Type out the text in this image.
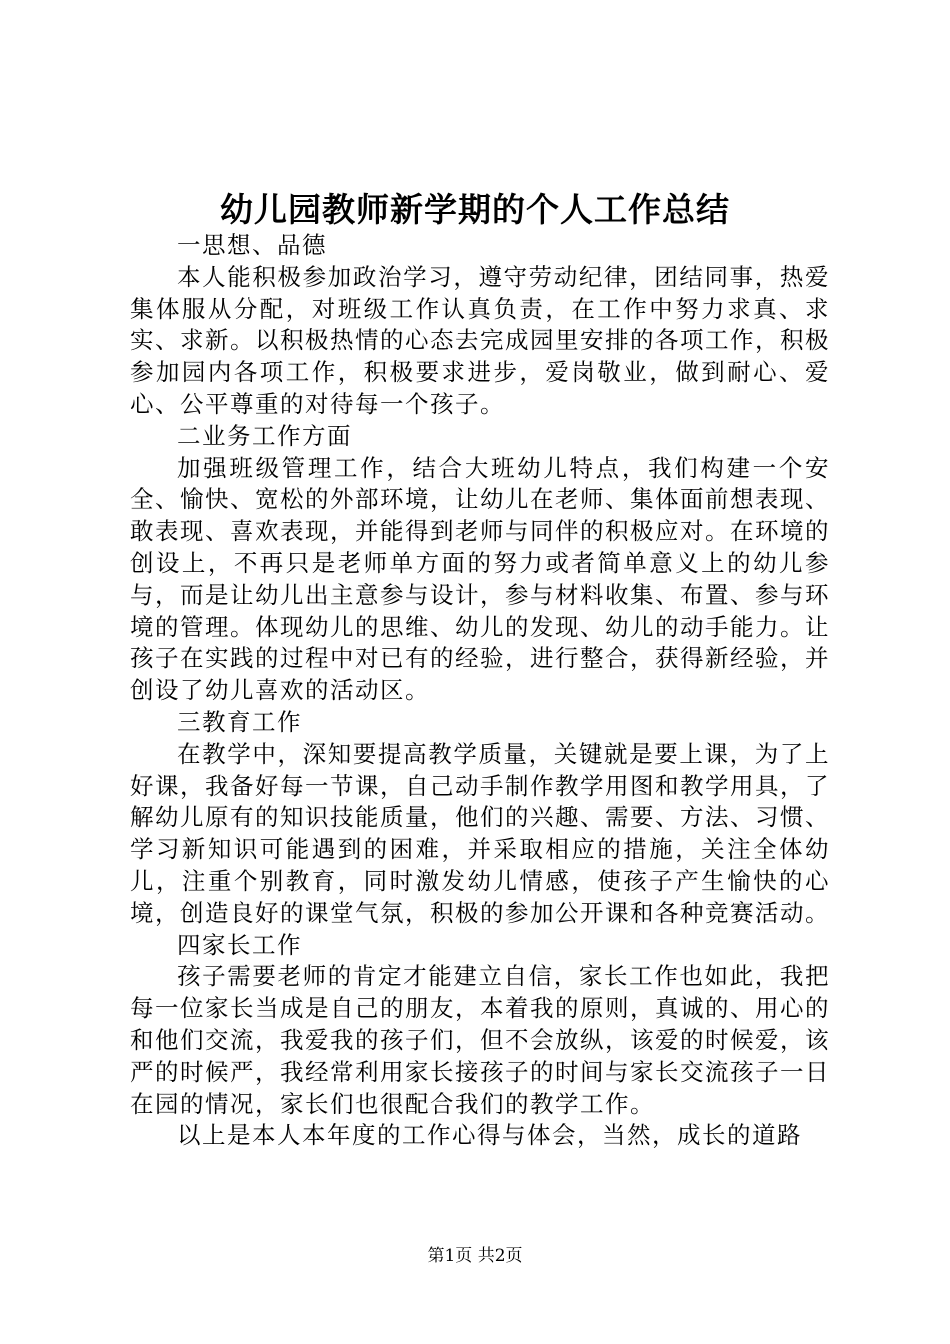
幼儿园教师新学期的个人工作总结

一思想、品德

本人能积极参加政治学习，遵守劳动纪律，团结同事，热爱集体服从分配，对班级工作认真负责，在工作中努力求真、求实、求新。以积极热情的心态去完成园里安排的各项工作，积极参加园内各项工作，积极要求进步，爱岗敬业，做到耐心、爱心、公平尊重的对待每一个孩子。

二业务工作方面

加强班级管理工作，结合大班幼儿特点，我们构建一个安全、愉快、宽松的外部环境，让幼儿在老师、集体面前想表现、敢表现、喜欢表现，并能得到老师与同伴的积极应对。在环境的创设上，不再只是老师单方面的努力或者简单意义上的幼儿参与，而是让幼儿出主意参与设计，参与材料收集、布置、参与环境的管理。体现幼儿的思维、幼儿的发现、幼儿的动手能力。让孩子在实践的过程中对已有的经验，进行整合，获得新经验，并创设了幼儿喜欢的活动区。

三教育工作

在教学中，深知要提高教学质量，关键就是要上课，为了上好课，我备好每一节课，自己动手制作教学用图和教学用具，了解幼儿原有的知识技能质量，他们的兴趣、需要、方法、习惯、学习新知识可能遇到的困难，并采取相应的措施，关注全体幼儿，注重个别教育，同时激发幼儿情感，使孩子产生愉快的心境，创造良好的课堂气氛，积极的参加公开课和各种竞赛活动。

四家长工作

孩子需要老师的肯定才能建立自信，家长工作也如此，我把每一位家长当成是自己的朋友，本着我的原则，真诚的、用心的和他们交流，我爱我的孩子们，但不会放纵，该爱的时候爱，该严的时候严，我经常利用家长接孩子的时间与家长交流孩子一日在园的情况，家长们也很配合我们的教学工作。

以上是本人本年度的工作心得与体会，当然，成长的道路

第1页 共2页
